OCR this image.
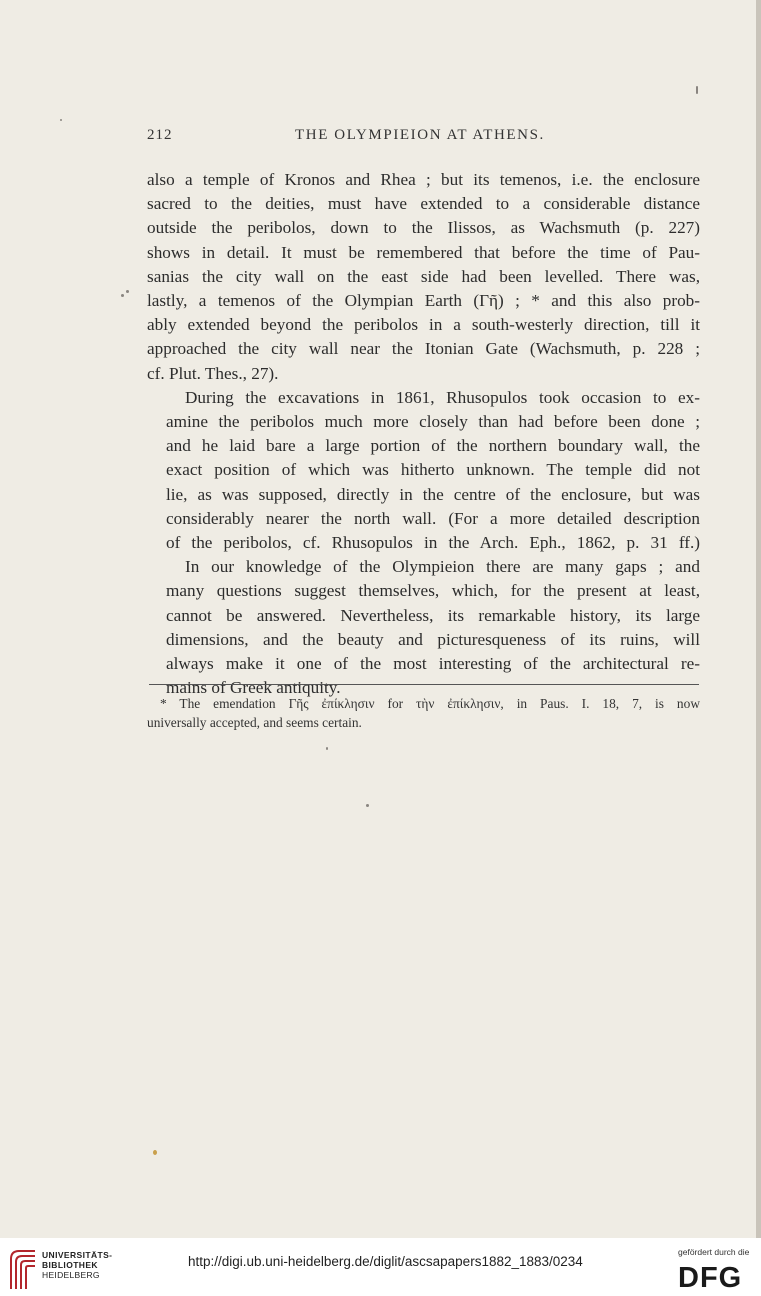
212	THE OLYMPIEION AT ATHENS.

also a temple of Kronos and Rhea ; but its temenos, i.e. the enclosure
sacred to the deities, must have extended to a considerable distance
outside the peribolos, down to the Ilissos, as Wachsmuth (p. 227)
shows in detail. It must be remembered that before the time of Pau-
sanias the city wall on the east side had been levelled. There was,
lastly, a temenos of the Olympian Earth (Γῆ) ; * and this also prob-
ably extended beyond the peribolos in a south-westerly direction, till it
approached the city wall near the Itonian Gate (Wachsmuth, p. 228 ;
cf. Plut. Thes., 27).

During the excavations in 1861, Rhusopulos took occasion to ex-
amine the peribolos much more closely than had before been done ;
and he laid bare a large portion of the northern boundary wall, the
exact position of which was hitherto unknown. The temple did not
lie, as was supposed, directly in the centre of the enclosure, but was
considerably nearer the north wall. (For a more detailed description
of the peribolos, cf. Rhusopulos in the Arch. Eph., 1862, p. 31 ff.)

In our knowledge of the Olympieion there are many gaps ; and
many questions suggest themselves, which, for the present at least,
cannot be answered. Nevertheless, its remarkable history, its large
dimensions, and the beauty and picturesqueness of its ruins, will
always make it one of the most interesting of the architectural re-
mains of Greek antiquity.

* The emendation Γῆς ἐπίκλησιν for τὴν ἐπίκλησιν, in Paus. I. 18, 7, is now
universally accepted, and seems certain.
UNIVERSITÄTS-
BIBLIOTHEK
HEIDELBERG
http://digi.ub.uni-heidelberg.de/diglit/ascsapapers1882_1883/0234
gefördert durch die
DFG
